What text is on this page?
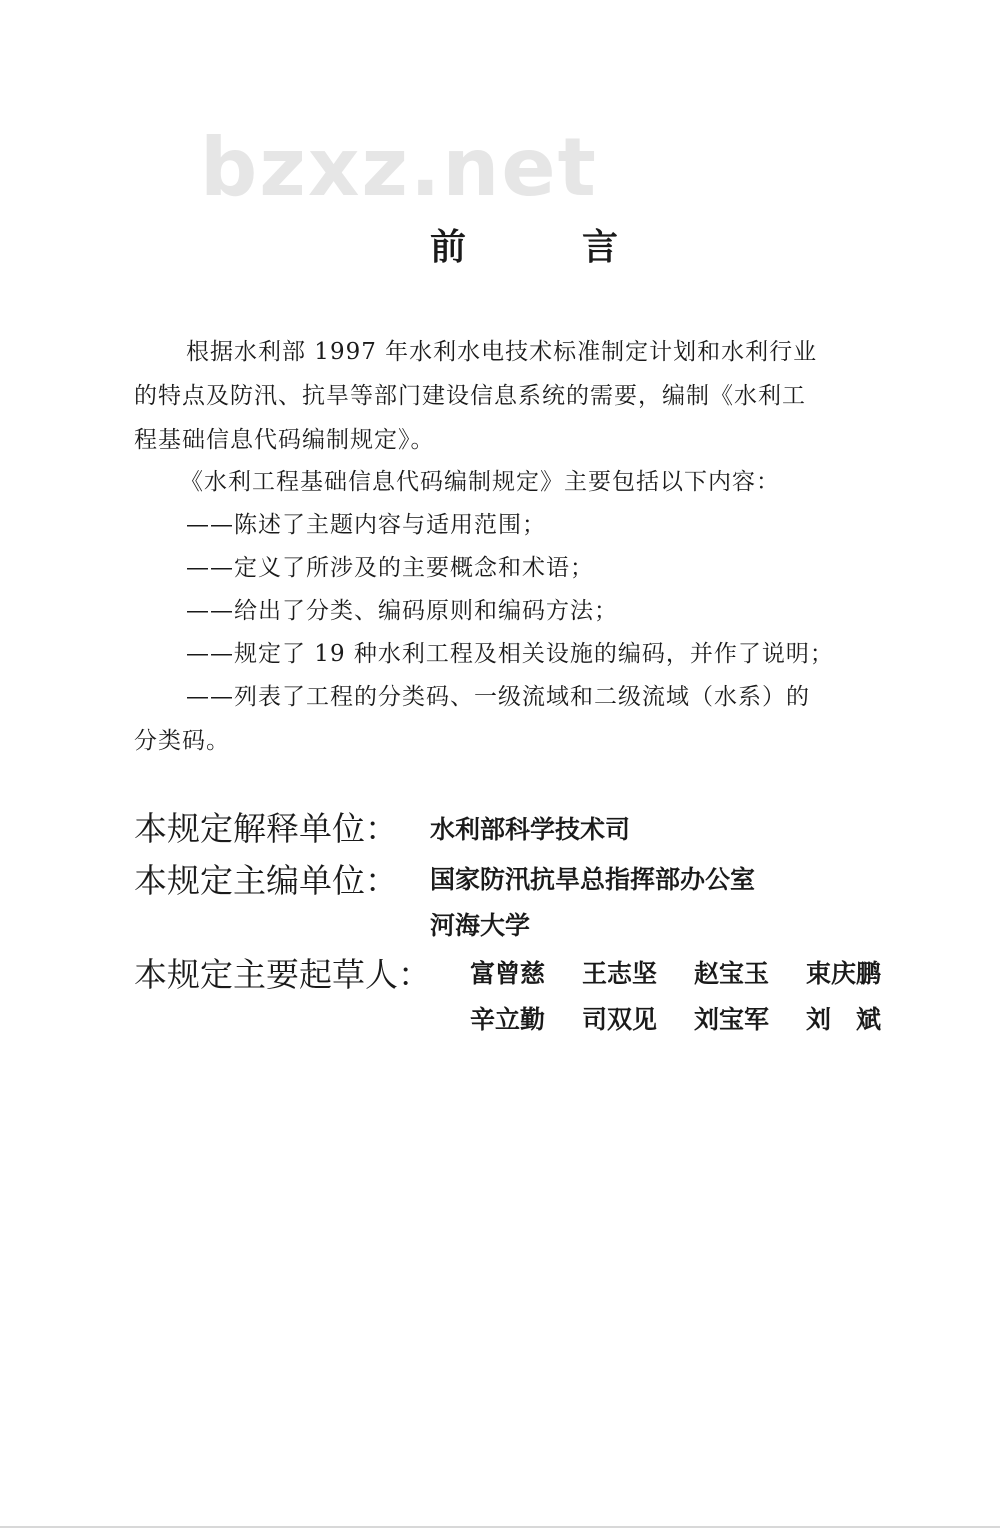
bzxz.net
前	言
根据水利部 1997 年水利水电技术标准制定计划和水利行业
的特点及防汛、抗旱等部门建设信息系统的需要，编制《水利工
程基础信息代码编制规定》。
《水利工程基础信息代码编制规定》主要包括以下内容：
——陈述了主题内容与适用范围；
——定义了所涉及的主要概念和术语；
——给出了分类、编码原则和编码方法；
——规定了 19 种水利工程及相关设施的编码，并作了说明；
——列表了工程的分类码、一级流域和二级流域（水系）的
分类码。
本规定解释单位： 水利部科学技术司
本规定主编单位： 国家防汛抗旱总指挥部办公室
河海大学
本规定主要起草人： 富曾慈 王志坚 赵宝玉 束庆鹏
辛立勤 司双见 刘宝军 刘　斌
